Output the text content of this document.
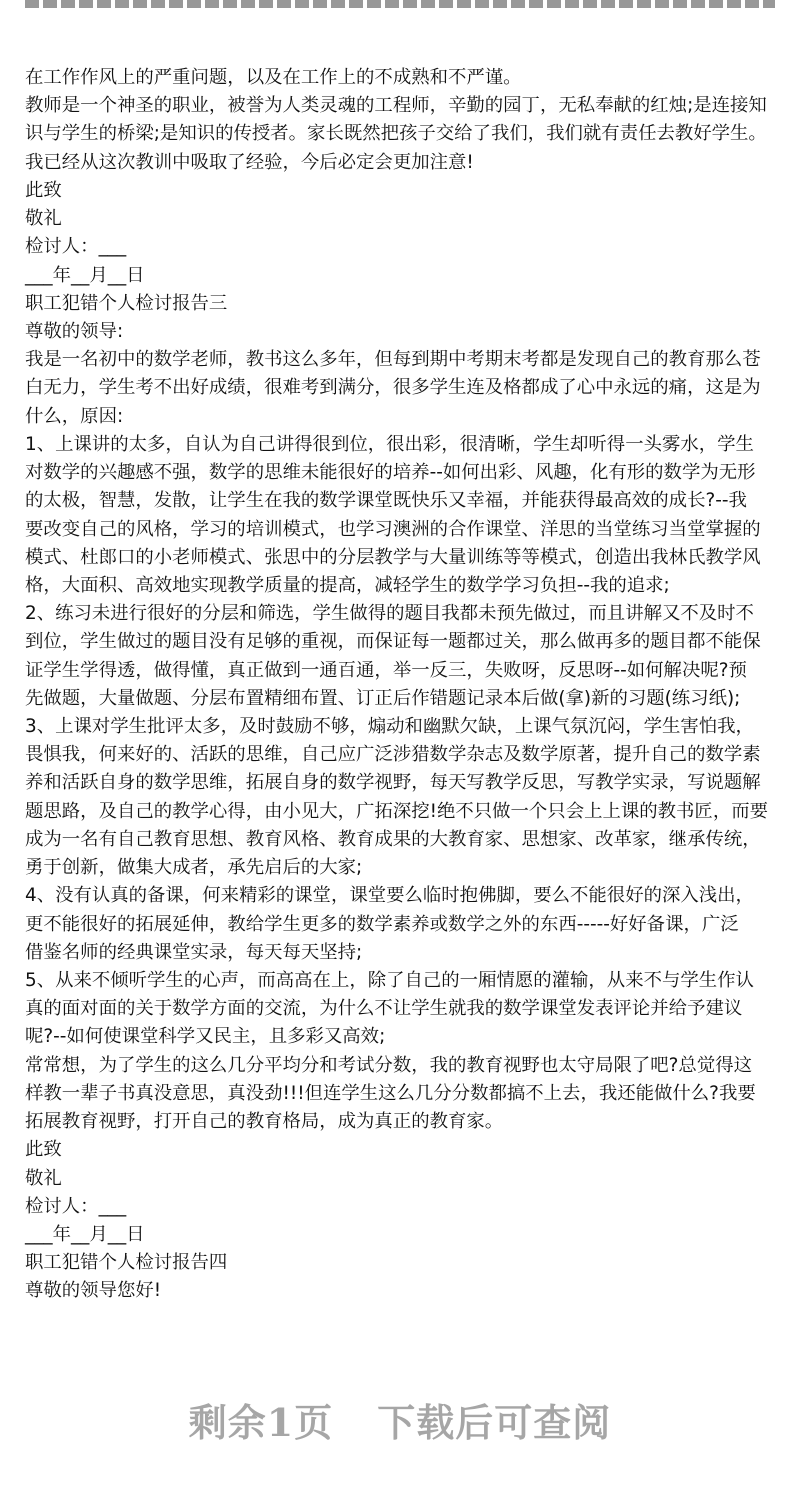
在工作作风上的严重问题，以及在工作上的不成熟和不严谨。
教师是一个神圣的职业，被誉为人类灵魂的工程师，辛勤的园丁，无私奉献的红烛;是连接知
识与学生的桥梁;是知识的传授者。家长既然把孩子交给了我们，我们就有责任去教好学生。
我已经从这次教训中吸取了经验，今后必定会更加注意!
此致
敬礼
检讨人：___
___年__月__日
职工犯错个人检讨报告三
尊敬的领导:
我是一名初中的数学老师，教书这么多年，但每到期中考期末考都是发现自己的教育那么苍
白无力，学生考不出好成绩，很难考到满分，很多学生连及格都成了心中永远的痛，这是为
什么，原因:
1、上课讲的太多，自认为自己讲得很到位，很出彩，很清晰，学生却听得一头雾水，学生
对数学的兴趣感不强，数学的思维未能很好的培养--如何出彩、风趣，化有形的数学为无形
的太极，智慧，发散，让学生在我的数学课堂既快乐又幸福，并能获得最高效的成长?--我
要改变自己的风格，学习的培训模式，也学习澳洲的合作课堂、洋思的当堂练习当堂掌握的
模式、杜郎口的小老师模式、张思中的分层教学与大量训练等等模式，创造出我林氏教学风
格，大面积、高效地实现教学质量的提高，减轻学生的数学学习负担--我的追求;
2、练习未进行很好的分层和筛选，学生做得的题目我都未预先做过，而且讲解又不及时不
到位，学生做过的题目没有足够的重视，而保证每一题都过关，那么做再多的题目都不能保
证学生学得透，做得懂，真正做到一通百通，举一反三，失败呀，反思呀--如何解决呢?预
先做题，大量做题、分层布置精细布置、订正后作错题记录本后做(拿)新的习题(练习纸);
3、上课对学生批评太多，及时鼓励不够，煽动和幽默欠缺，上课气氛沉闷，学生害怕我，
畏惧我，何来好的、活跃的思维，自己应广泛涉猎数学杂志及数学原著，提升自己的数学素
养和活跃自身的数学思维，拓展自身的数学视野，每天写教学反思，写教学实录，写说题解
题思路，及自己的教学心得，由小见大，广拓深挖!绝不只做一个只会上上课的教书匠，而要
成为一名有自己教育思想、教育风格、教育成果的大教育家、思想家、改革家，继承传统，
勇于创新，做集大成者，承先启后的大家;
4、没有认真的备课，何来精彩的课堂，课堂要么临时抱佛脚，要么不能很好的深入浅出，
更不能很好的拓展延伸，教给学生更多的数学素养或数学之外的东西-----好好备课，广泛
借鉴名师的经典课堂实录，每天每天坚持;
5、从来不倾听学生的心声，而高高在上，除了自己的一厢情愿的灌输，从来不与学生作认
真的面对面的关于数学方面的交流，为什么不让学生就我的数学课堂发表评论并给予建议
呢?--如何使课堂科学又民主，且多彩又高效;
常常想，为了学生的这么几分平均分和考试分数，我的教育视野也太守局限了吧?总觉得这
样教一辈子书真没意思，真没劲!!!但连学生这么几分分数都搞不上去，我还能做什么?我要
拓展教育视野，打开自己的教育格局，成为真正的教育家。
此致
敬礼
检讨人：___
___年__月__日
职工犯错个人检讨报告四
尊敬的领导您好!
剩余1页 下载后可查阅
